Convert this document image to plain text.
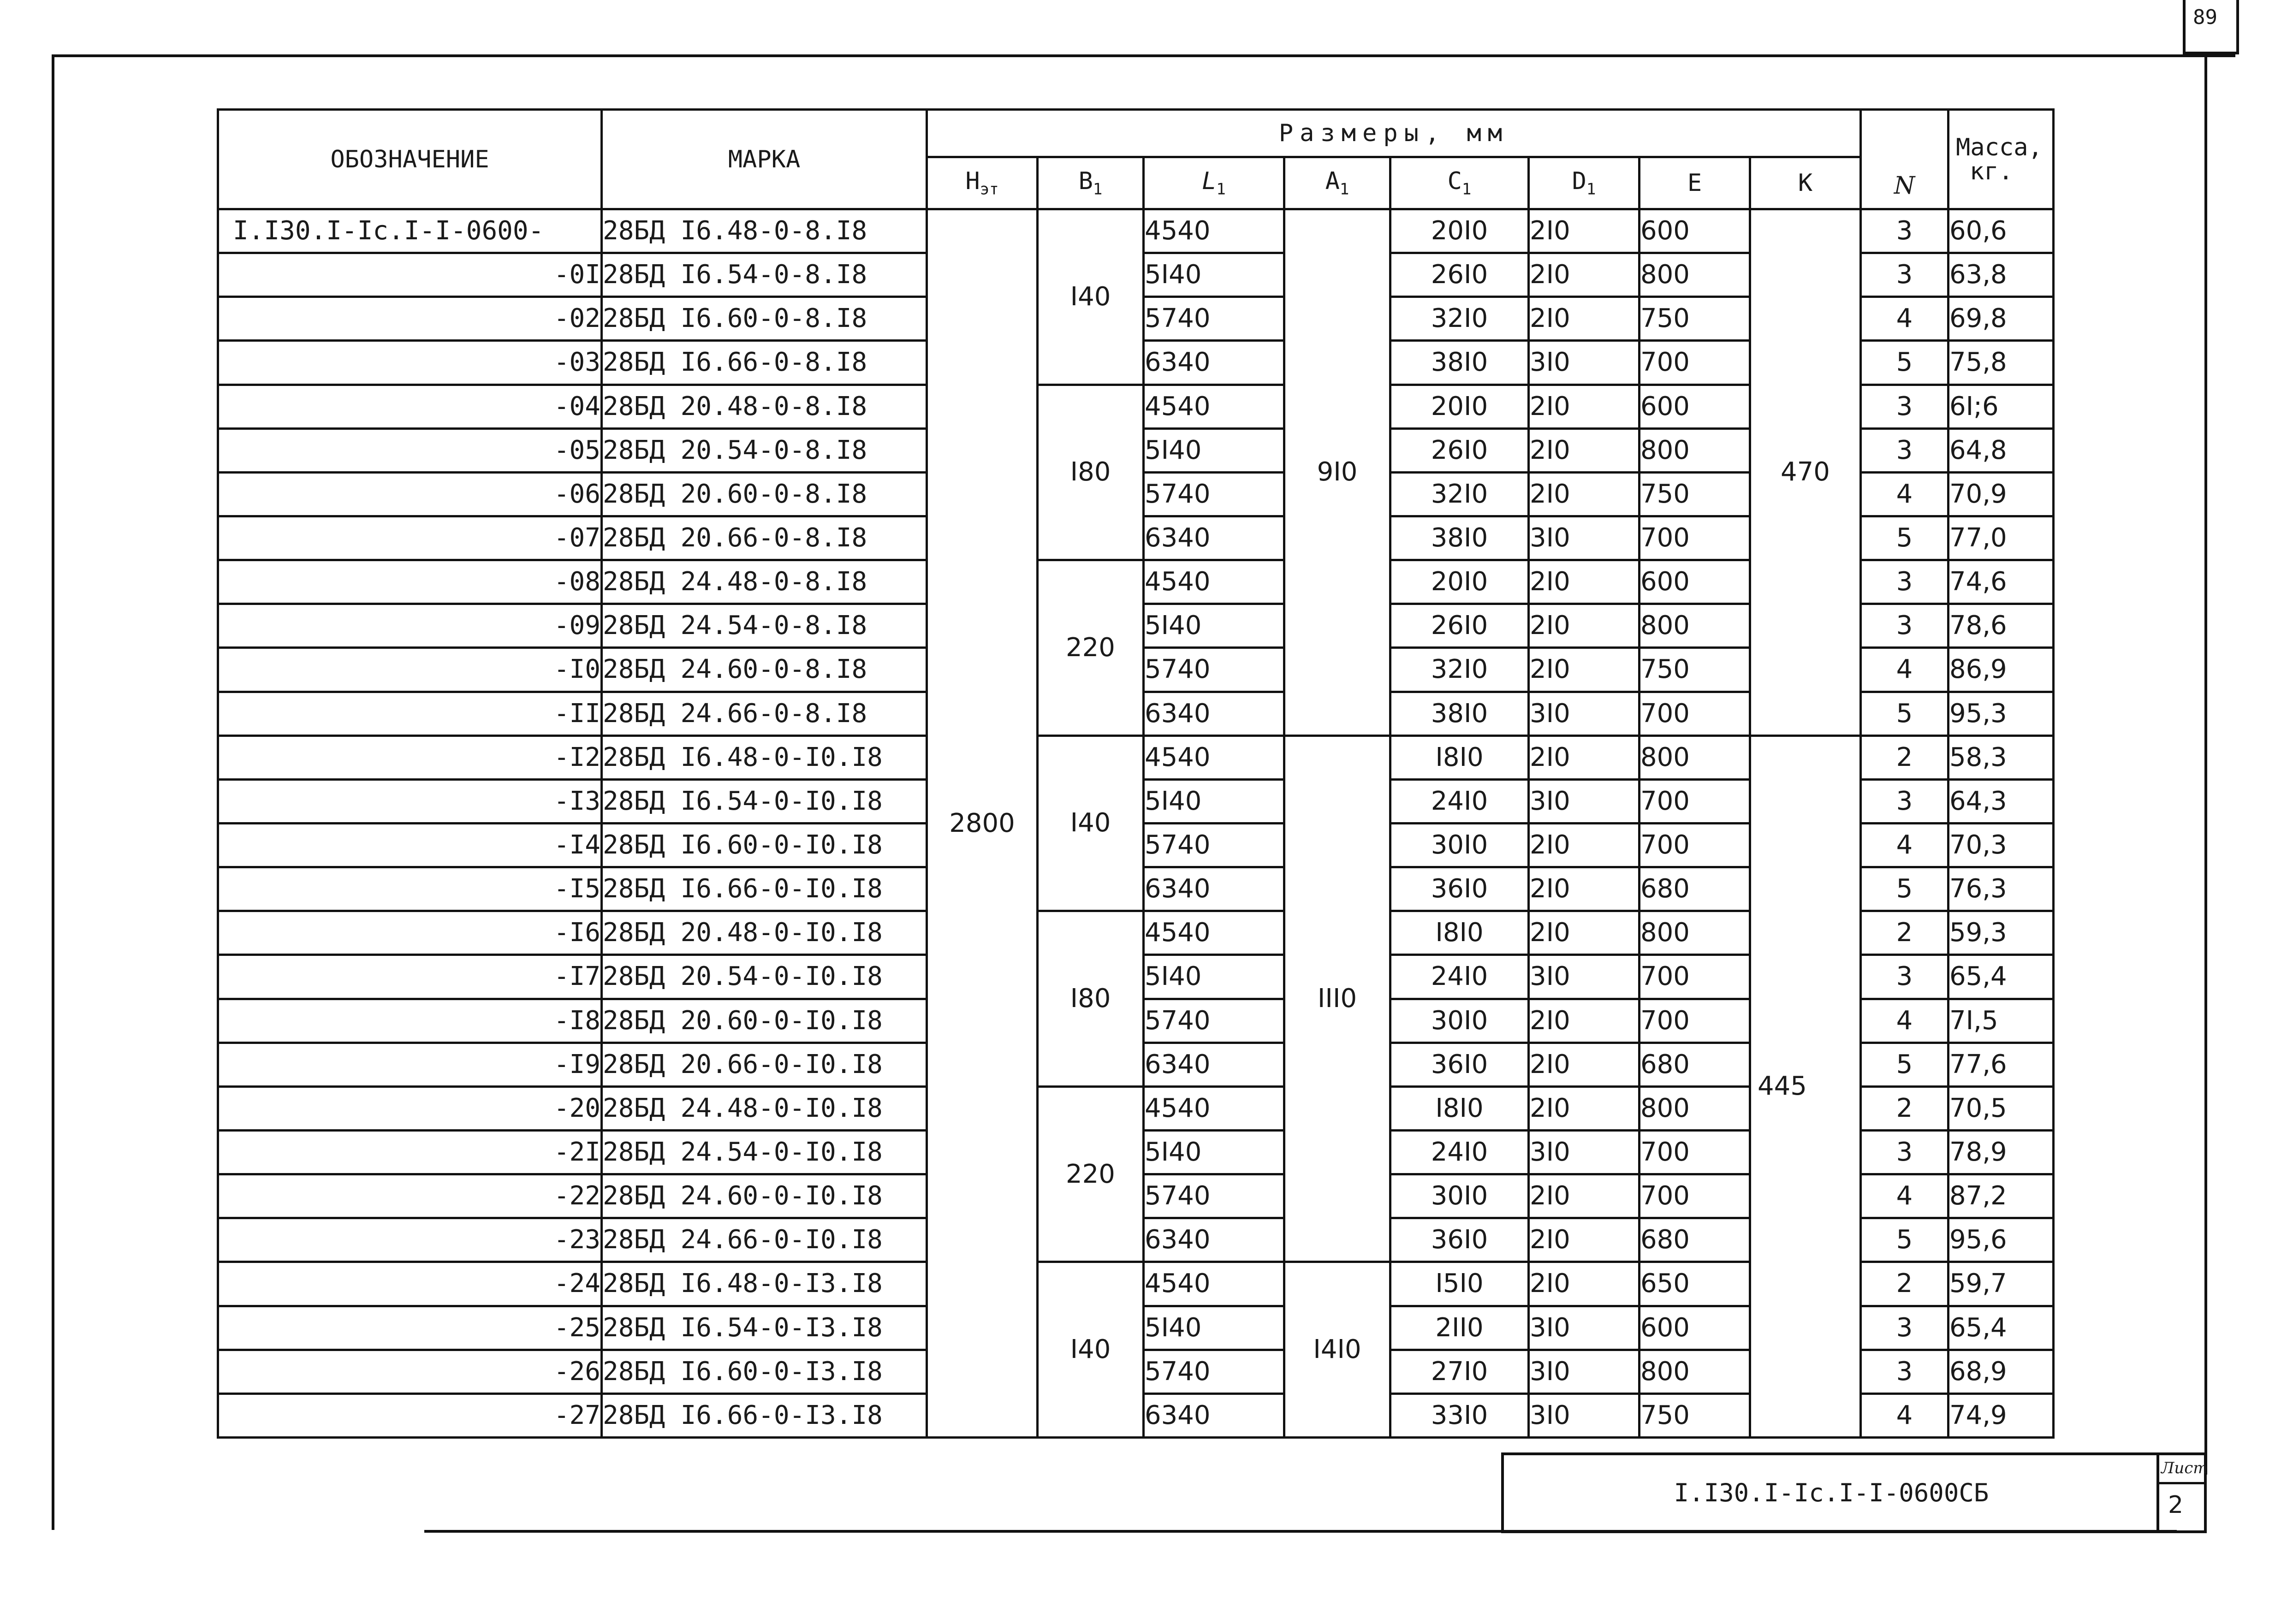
89
ОБОЗНАЧЕНИЕ	МАРКА	Размеры, мм								N	Масса,
кг.
		$Н_{эт}$	$В_1$	$L_1$	$А_1$	$С_1$	$D_1$	Е	К		
I.I30.I-Ic.I-I-0600-	28БД I6.48-0-8.I8	2800	I40	4540	9I0	20I0	2I0	600	470	3	60,6
-0I	28БД I6.54-0-8.I8			5I40		26I0	2I0	800		3	63,8
-02	28БД I6.60-0-8.I8			5740		32I0	2I0	750		4	69,8
-03	28БД I6.66-0-8.I8			6340		38I0	3I0	700		5	75,8
-04	28БД 20.48-0-8.I8		I80	4540		20I0	2I0	600		3	6I;6
-05	28БД 20.54-0-8.I8			5I40		26I0	2I0	800		3	64,8
-06	28БД 20.60-0-8.I8			5740		32I0	2I0	750		4	70,9
-07	28БД 20.66-0-8.I8			6340		38I0	3I0	700		5	77,0
-08	28БД 24.48-0-8.I8		220	4540		20I0	2I0	600		3	74,6
-09	28БД 24.54-0-8.I8			5I40		26I0	2I0	800		3	78,6
-I0	28БД 24.60-0-8.I8			5740		32I0	2I0	750		4	86,9
-II	28БД 24.66-0-8.I8			6340		38I0	3I0	700		5	95,3
-I2	28БД I6.48-0-I0.I8		I40	4540	III0	I8I0	2I0	800	445	2	58,3
-I3	28БД I6.54-0-I0.I8			5I40		24I0	3I0	700		3	64,3
-I4	28БД I6.60-0-I0.I8			5740		30I0	2I0	700		4	70,3
-I5	28БД I6.66-0-I0.I8			6340		36I0	2I0	680		5	76,3
-I6	28БД 20.48-0-I0.I8		I80	4540		I8I0	2I0	800		2	59,3
-I7	28БД 20.54-0-I0.I8			5I40		24I0	3I0	700		3	65,4
-I8	28БД 20.60-0-I0.I8			5740		30I0	2I0	700		4	7I,5
-I9	28БД 20.66-0-I0.I8			6340		36I0	2I0	680		5	77,6
-20	28БД 24.48-0-I0.I8		220	4540		I8I0	2I0	800		2	70,5
-2I	28БД 24.54-0-I0.I8			5I40		24I0	3I0	700		3	78,9
-22	28БД 24.60-0-I0.I8			5740		30I0	2I0	700		4	87,2
-23	28БД 24.66-0-I0.I8			6340		36I0	2I0	680		5	95,6
-24	28БД I6.48-0-I3.I8		I40	4540	I4I0	I5I0	2I0	650		2	59,7
-25	28БД I6.54-0-I3.I8			5I40		2II0	3I0	600		3	65,4
-26	28БД I6.60-0-I3.I8			5740		27I0	3I0	800		3	68,9
-27	28БД I6.66-0-I3.I8			6340		33I0	3I0	750		4	74,9
I.I30.I-Ic.I-I-0600СБ
Лист
2
